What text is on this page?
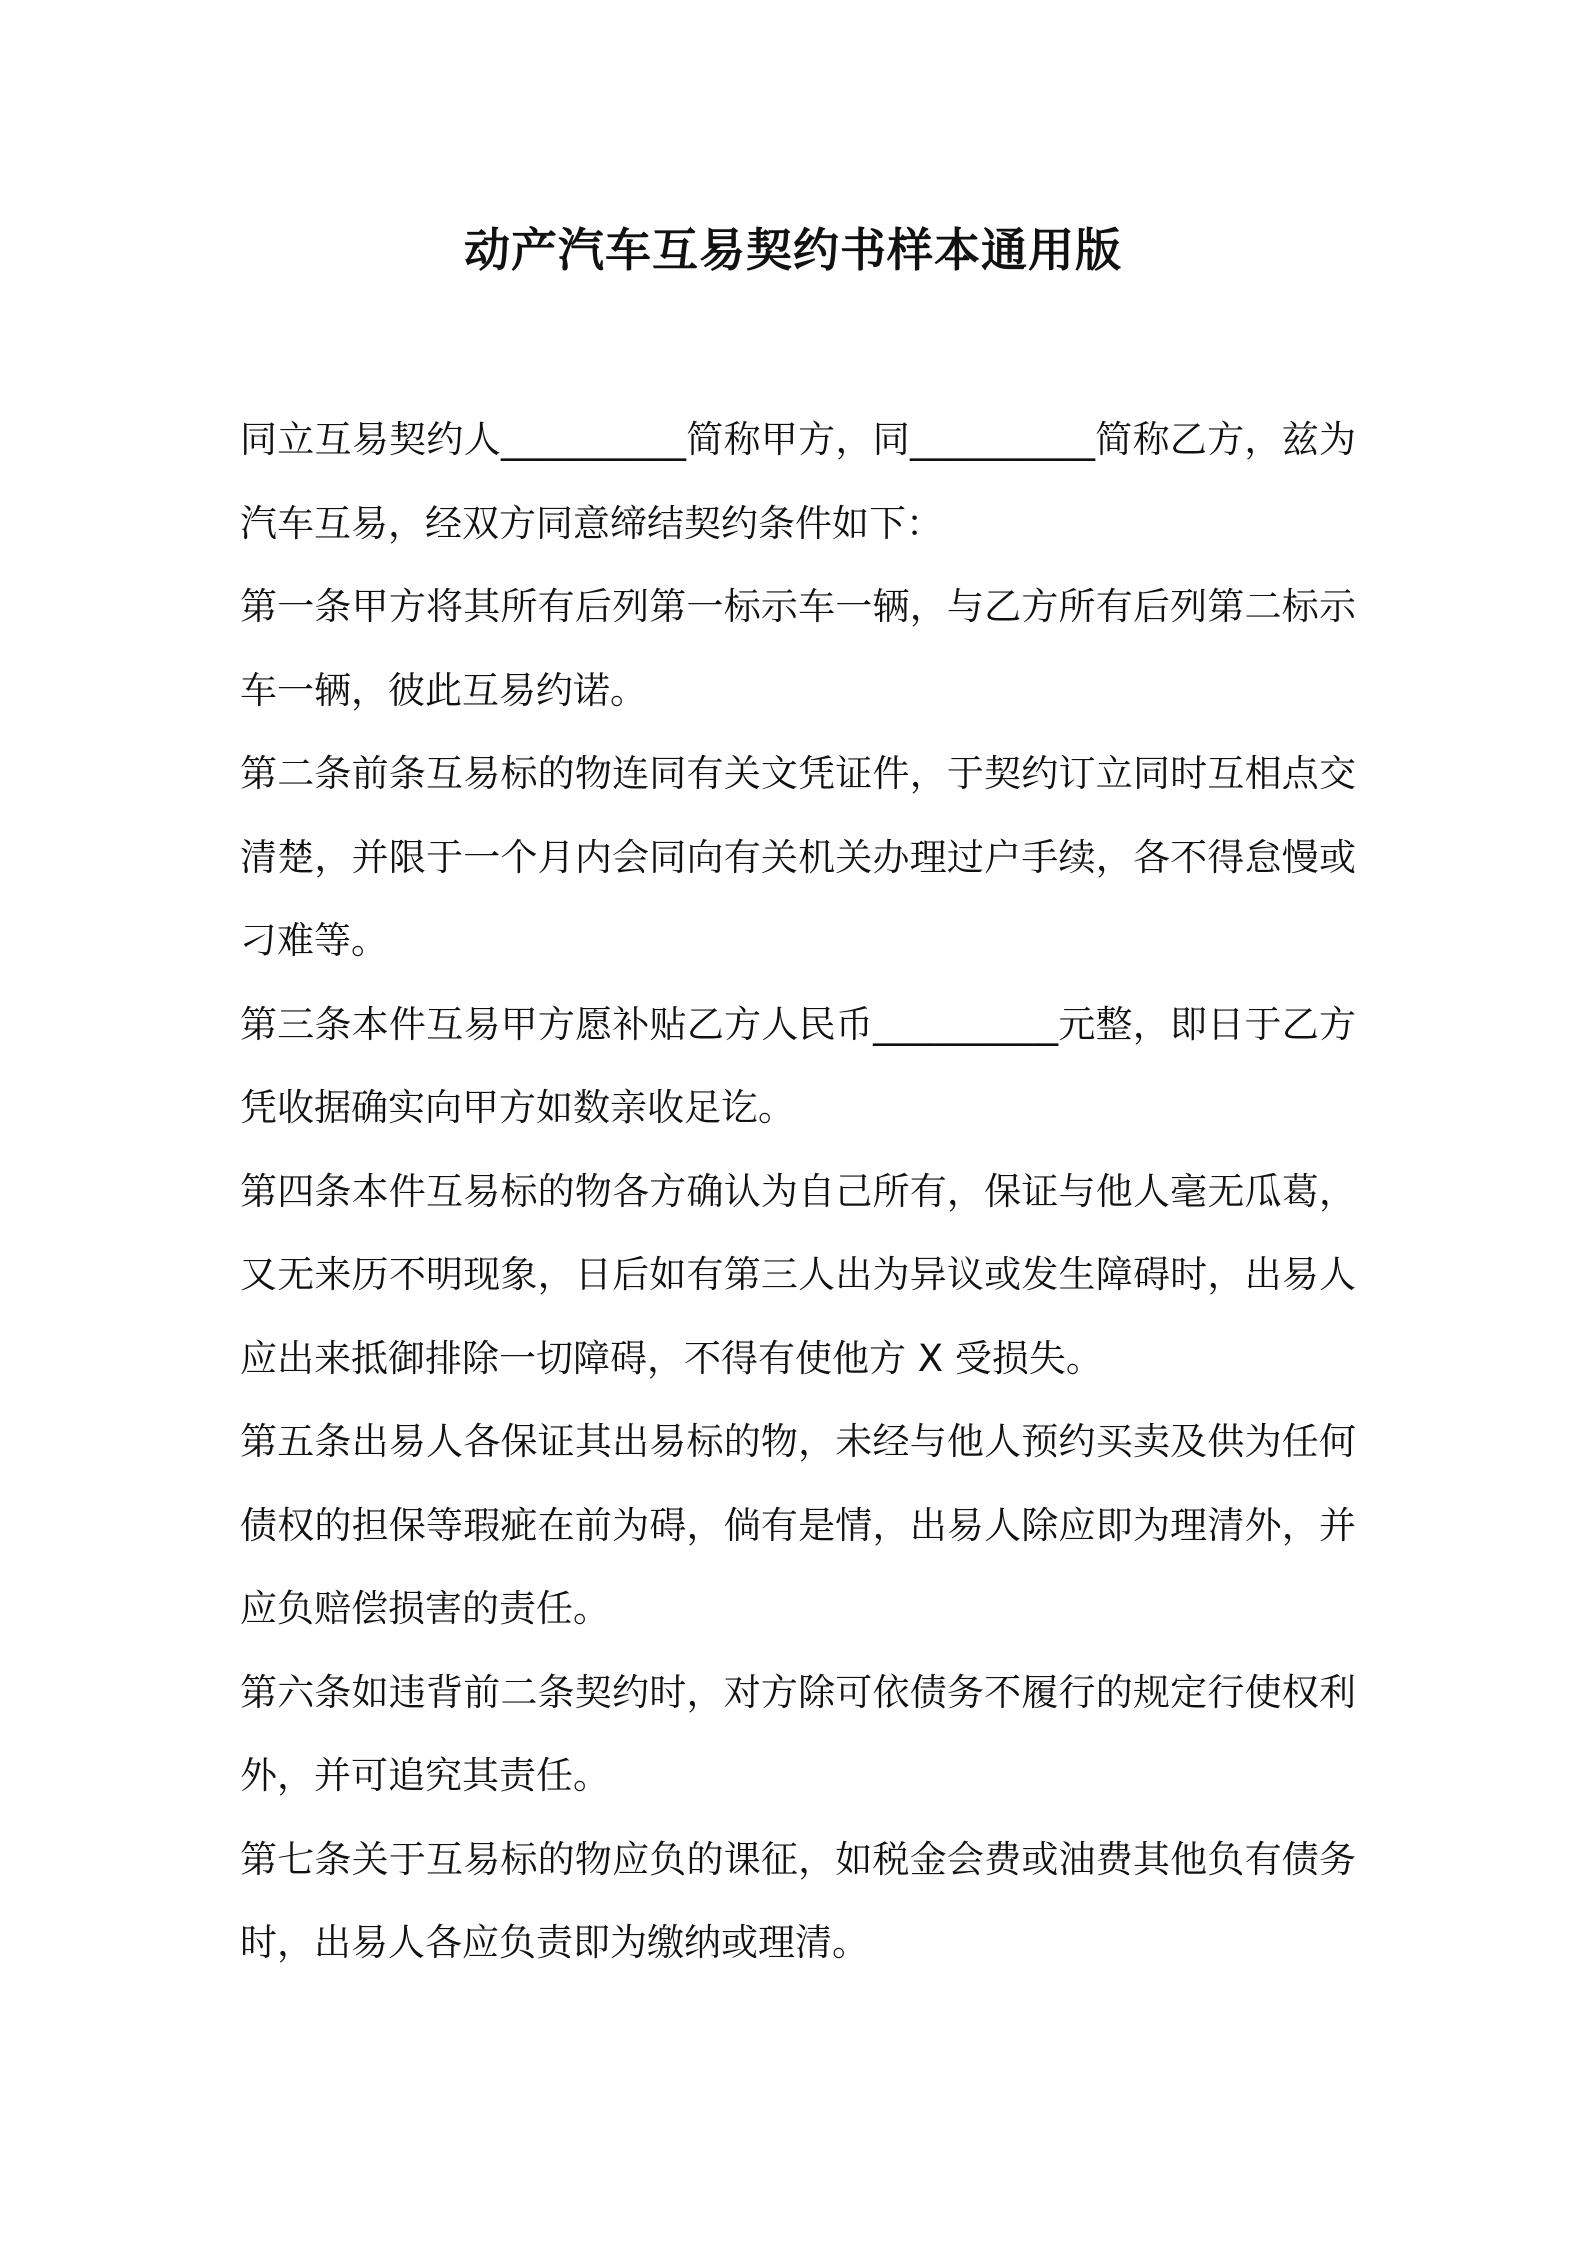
动产汽车互易契约书样本通用版

同立互易契约人__________简称甲方，同__________简称乙方，兹为汽车互易，经双方同意缔结契约条件如下：

第一条甲方将其所有后列第一标示车一辆，与乙方所有后列第二标示车一辆，彼此互易约诺。

第二条前条互易标的物连同有关文凭证件，于契约订立同时互相点交清楚，并限于一个月内会同向有关机关办理过户手续，各不得怠慢或刁难等。

第三条本件互易甲方愿补贴乙方人民币__________元整，即日于乙方凭收据确实向甲方如数亲收足讫。

第四条本件互易标的物各方确认为自己所有，保证与他人毫无瓜葛，又无来历不明现象，日后如有第三人出为异议或发生障碍时，出易人应出来抵御排除一切障碍，不得有使他方 X 受损失。

第五条出易人各保证其出易标的物，未经与他人预约买卖及供为任何债权的担保等瑕疵在前为碍，倘有是情，出易人除应即为理清外，并应负赔偿损害的责任。

第六条如违背前二条契约时，对方除可依债务不履行的规定行使权利外，并可追究其责任。

第七条关于互易标的物应负的课征，如税金会费或油费其他负有债务时，出易人各应负责即为缴纳或理清。
